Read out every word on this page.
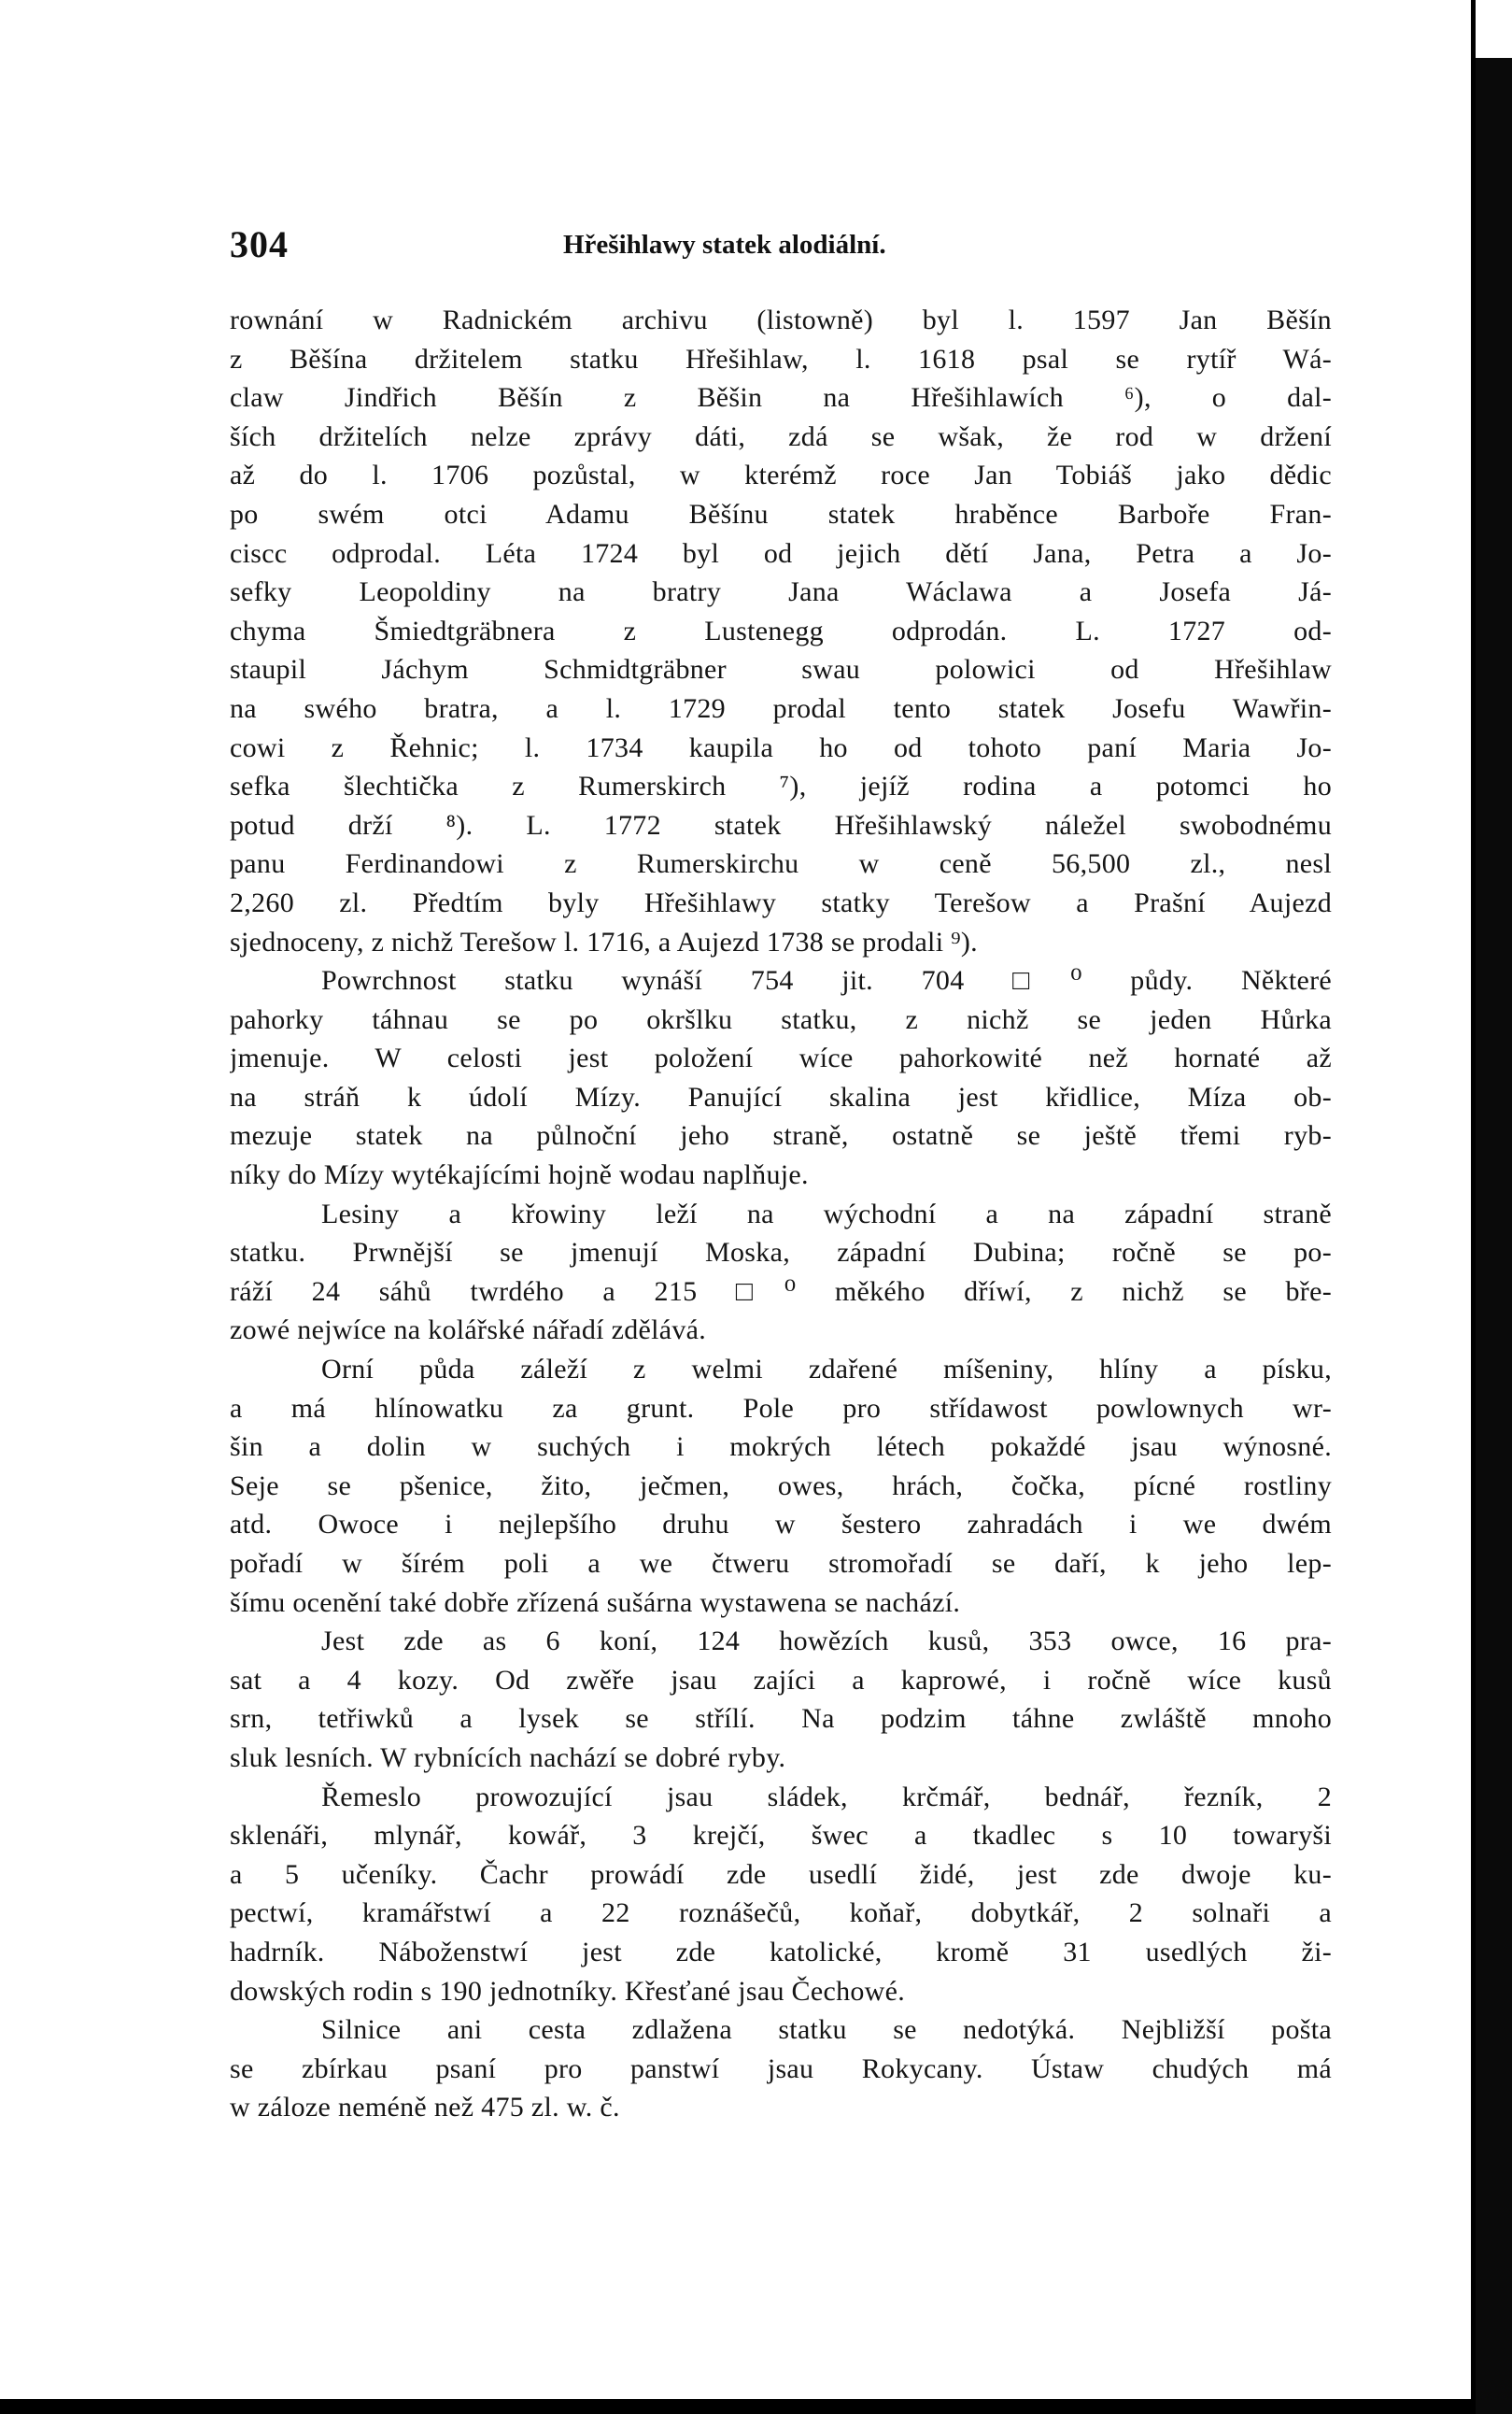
304	Hřešihlawy statek alodiální.
rownání w Radnickém archivu (listowně) byl l. 1597 Jan Běšín
z Běšína držitelem statku Hřešihlaw, l. 1618 psal se rytíř Wá-
claw Jindřich Běšín z Běšin na Hřešihlawích ⁶), o dal-
ších držitelích nelze zprávy dáti, zdá se wšak, že rod w držení
až do l. 1706 pozůstal, w kterémž roce Jan Tobiáš jako dědic
po swém otci Adamu Běšínu statek hraběnce Barboře Fran-
ciscc odprodal. Léta 1724 byl od jejich dětí Jana, Petra a Jo-
sefky Leopoldiny na bratry Jana Wáclawa a Josefa Já-
chyma Šmiedtgräbnera z Lustenegg odprodán. L. 1727 od-
staupil Jáchym Schmidtgräbner swau polowici od Hřešihlaw
na swého bratra, a l. 1729 prodal tento statek Josefu Wawřin-
cowi z Řehnic; l. 1734 kaupila ho od tohoto paní Maria Jo-
sefka šlechtička z Rumerskirch ⁷), jejíž rodina a potomci ho
potud drží ⁸). L. 1772 statek Hřešihlawský náležel swobodnému
panu Ferdinandowi z Rumerskirchu w ceně 56,500 zl., nesl
2,260 zl. Předtím byly Hřešihlawy statky Terešow a Prašní Aujezd
sjednoceny, z nichž Terešow l. 1716, a Aujezd 1738 se prodali ⁹).
Powrchnost statku wynáší 754 jit. 704 □⁰ půdy. Některé
pahorky táhnau se po okršlku statku, z nichž se jeden Hůrka
jmenuje. W celosti jest položení wíce pahorkowité než hornaté až
na stráň k údolí Mízy. Panující skalina jest křidlice, Míza ob-
mezuje statek na půlnoční jeho straně, ostatně se ještě třemi ryb-
níky do Mízy wytékajícími hojně wodau naplňuje.
Lesiny a křowiny leží na wýchodní a na západní straně
statku. Prwnější se jmenují Moska, západní Dubina; ročně se po-
ráží 24 sáhů twrdého a 215 □⁰ měkého dříwí, z nichž se bře-
zowé nejwíce na kolářské nářadí zdělává.
Orní půda záleží z welmi zdařené míšeniny, hlíny a písku,
a má hlínowatku za grunt. Pole pro střídawost powlownych wr-
šin a dolin w suchých i mokrých létech pokaždé jsau wýnosné.
Seje se pšenice, žito, ječmen, owes, hrách, čočka, pícné rostliny
atd. Owoce i nejlepšího druhu w šestero zahradách i we dwém
pořadí w šírém poli a we čtweru stromořadí se daří, k jeho lep-
šímu ocenění také dobře zřízená sušárna wystawena se nachází.
Jest zde as 6 koní, 124 howězích kusů, 353 owce, 16 pra-
sat a 4 kozy. Od zwěře jsau zajíci a kaprowé, i ročně wíce kusů
srn, tetřiwků a lysek se střílí. Na podzim táhne zwláště mnoho
sluk lesních. W rybnících nachází se dobré ryby.
Řemeslo prowozující jsau sládek, krčmář, bednář, řezník, 2
sklenáři, mlynář, kowář, 3 krejčí, šwec a tkadlec s 10 towaryši
a 5 učeníky. Čachr prowádí zde usedlí židé, jest zde dwoje ku-
pectwí, kramářstwí a 22 roznášečů, koňař, dobytkář, 2 solnaři a
hadrník. Náboženstwí jest zde katolické, kromě 31 usedlých ži-
dowských rodin s 190 jednotníky. Křesťané jsau Čechowé.
Silnice ani cesta zdlažena statku se nedotýká. Nejbližší pošta
se zbírkau psaní pro panstwí jsau Rokycany. Ústaw chudých má
w záloze neméně než 475 zl. w. č.
